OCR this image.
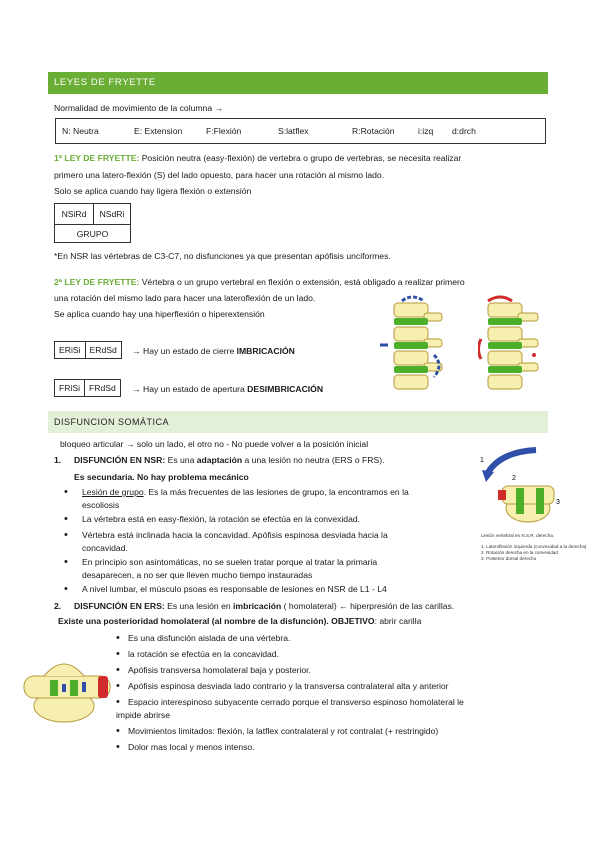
LEYES DE FRYETTE
Normalidad de movimiento de la columna →
N: Neutra	E: Extension	F:Flexión	S:latflex	R:Rotación	i:izq d:drch
1ª LEY DE FRYETTE: Posición neutra (easy-flexión) de vertebra o grupo de vertebras, se necesita realizar
primero una latero-flexión (S) del lado opuesto, para hacer una rotación al mismo lado.
Solo se aplica cuando hay ligera flexión o extensión
NSiRd	NSdRi
GRUPO
*En NSR las vértebras de C3-C7, no disfunciones ya que presentan apófisis unciformes.
2ª LEY DE FRYETTE: Vértebra o un grupo vertebral en flexión o extensión, está obligado a realizar primero
una rotación del mismo lado para hacer una lateroflexión de un lado.
Se aplica cuando hay una hiperflexión o hiperextensión
ERiSi	ERdSd	→ Hay un estado de cierre IMBRICACIÓN
FRiSi	FRdSd	→ Hay un estado de apertura DESIMBRICACIÓN
DISFUNCION SOMÁTICA
bloqueo articular → solo un lado, el otro no - No puede volver a la posición inicial
1. DISFUNCIÓN EN NSR: Es una adaptación a una lesión no neutra (ERS o FRS).
Es secundaria. No hay problema mecánico
• Lesión de grupo. Es la más frecuentes de las lesiones de grupo, la encontramos en la
escoliosis
• La vértebra está en easy-flexión, la rotación se efectúa en la convexidad.
• Vértebra está inclinada hacia la concavidad. Apófisis espinosa desviada hacia la
concavidad.
• En principio son asintomáticas, no se suelen tratar porque al tratar la primaria
desaparecen, a no ser que lleven mucho tiempo instauradas
• A nivel lumbar, el músculo psoas es responsable de lesiones en NSR de L1 - L4
1
2
3
Lesión vertebral en N.S.R. derecha.
1. Lateroflexión izquierda (convexidad a la derecha)
2. Rotación derecha en la convexidad
3. Posterior dorsal derecho
2. DISFUNCIÓN EN ERS: Es una lesión en imbricación ( homolateral) ← hiperpresión de las carillas.
Existe una posterioridad homolateral (al nombre de la disfunción). OBJETIVO: abrir carilla
• Es una disfunción aislada de una vértebra.
• la rotación se efectúa en la concavidad.
• Apófisis transversa homolateral baja y posterior.
• Apófisis espinosa desviada lado contrario y la transversa contralateral alta y anterior
• Espacio interespinoso subyacente cerrado porque el transverso espinoso homolateral le
impide abrirse
• Movimientos limitados: flexión, la latflex contralateral y rot contralat (+ restringido)
• Dolor mas local y menos intenso.
